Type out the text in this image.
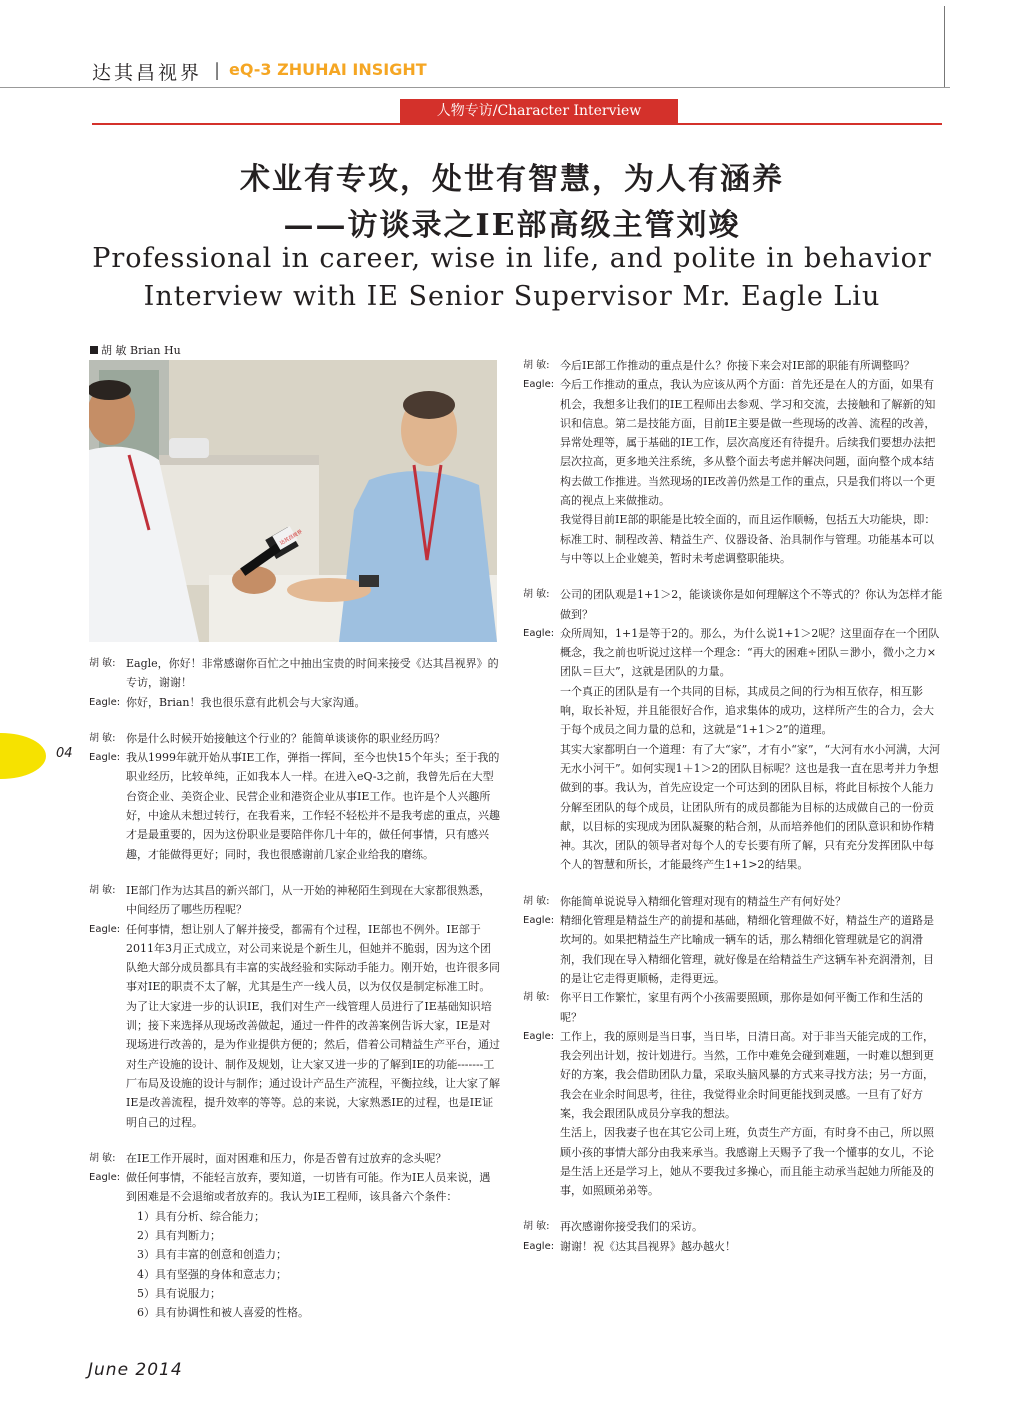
达其昌视界 | eQ-3 ZHUHAI INSIGHT
人物专访/Character Interview
术业有专攻，处世有智慧，为人有涵养
——访谈录之IE部高级主管刘竣
Professional in career, wise in life, and polite in behavior
Interview with IE Senior Supervisor Mr. Eagle Liu
胡 敏 Brian Hu
达其昌视界
胡 敏: Eagle，你好！非常感谢你百忙之中抽出宝贵的时间来接受《达其昌视界》的专访，谢谢！
Eagle: 你好，Brian！我也很乐意有此机会与大家沟通。
胡 敏: 你是什么时候开始接触这个行业的？能简单谈谈你的职业经历吗？
Eagle: 我从1999年就开始从事IE工作，弹指一挥间，至今也快15个年头；至于我的职业经历，比较单纯，正如我本人一样。在进入eQ-3之前，我曾先后在大型台资企业、美资企业、民营企业和港资企业从事IE工作。也许是个人兴趣所好，中途从未想过转行，在我看来，工作轻不轻松并不是我考虑的重点，兴趣才是最重要的，因为这份职业是要陪伴你几十年的，做任何事情，只有感兴趣，才能做得更好；同时，我也很感谢前几家企业给我的磨练。
胡 敏: IE部门作为达其昌的新兴部门，从一开始的神秘陌生到现在大家都很熟悉，中间经历了哪些历程呢？
Eagle: 任何事情，想让别人了解并接受，都需有个过程，IE部也不例外。IE部于2011年3月正式成立，对公司来说是个新生儿，但她并不脆弱，因为这个团队绝大部分成员都具有丰富的实战经验和实际动手能力。刚开始，也许很多同事对IE的职责不太了解，尤其是生产一线人员，以为仅仅是制定标准工时。为了让大家进一步的认识IE，我们对生产一线管理人员进行了IE基础知识培训；接下来选择从现场改善做起，通过一件件的改善案例告诉大家，IE是对现场进行改善的，是为作业提供方便的；然后，借着公司精益生产平台，通过对生产设施的设计、制作及规划，让大家又进一步的了解到IE的功能-------工厂布局及设施的设计与制作；通过设计产品生产流程，平衡拉线，让大家了解IE是改善流程，提升效率的等等。总的来说，大家熟悉IE的过程，也是IE证明自己的过程。
胡 敏: 在IE工作开展时，面对困难和压力，你是否曾有过放弃的念头呢？
Eagle: 做任何事情，不能轻言放弃，要知道，一切皆有可能。作为IE人员来说，遇到困难是不会退缩或者放弃的。我认为IE工程师，该具备六个条件：
1）具有分析、综合能力；
2）具有判断力；
3）具有丰富的创意和创造力；
4）具有坚强的身体和意志力；
5）具有说服力；
6）具有协调性和被人喜爱的性格。
胡 敏: 今后IE部工作推动的重点是什么？你接下来会对IE部的职能有所调整吗？
Eagle: 今后工作推动的重点，我认为应该从两个方面：首先还是在人的方面，如果有机会，我想多让我们的IE工程师出去参观、学习和交流，去接触和了解新的知识和信息。第二是技能方面，目前IE主要是做一些现场的改善、流程的改善，异常处理等，属于基础的IE工作，层次高度还有待提升。后续我们要想办法把层次拉高，更多地关注系统，多从整个面去考虑并解决问题，面向整个成本结构去做工作推进。当然现场的IE改善仍然是工作的重点，只是我们将以一个更高的视点上来做推动。
我觉得目前IE部的职能是比较全面的，而且运作顺畅，包括五大功能块，即：标准工时、制程改善、精益生产、仪器设备、治具制作与管理。功能基本可以与中等以上企业媲美，暂时未考虑调整职能块。
胡 敏: 公司的团队观是1+1＞2，能谈谈你是如何理解这个不等式的？你认为怎样才能做到？
Eagle: 众所周知，1+1是等于2的。那么，为什么说1+1＞2呢？这里面存在一个团队概念，我之前也听说过这样一个理念：“再大的困难÷团队＝渺小，微小之力×团队＝巨大”，这就是团队的力量。
一个真正的团队是有一个共同的目标，其成员之间的行为相互依存，相互影响，取长补短，并且能很好合作，追求集体的成功，这样所产生的合力，会大于每个成员之间力量的总和，这就是“1+1＞2”的道理。
其实大家都明白一个道理：有了大“家”，才有小“家”，“大河有水小河满，大河无水小河干”。如何实现1＋1＞2的团队目标呢？这也是我一直在思考并力争想做到的事。我认为，首先应设定一个可达到的团队目标，将此目标按个人能力分解至团队的每个成员，让团队所有的成员都能为目标的达成做自己的一份贡献，以目标的实现成为团队凝聚的粘合剂，从而培养他们的团队意识和协作精神。其次，团队的领导者对每个人的专长要有所了解，只有充分发挥团队中每个人的智慧和所长，才能最终产生1+1>2的结果。
胡 敏: 你能简单说说导入精细化管理对现有的精益生产有何好处？
Eagle: 精细化管理是精益生产的前提和基础，精细化管理做不好，精益生产的道路是坎坷的。如果把精益生产比喻成一辆车的话，那么精细化管理就是它的润滑剂，我们现在导入精细化管理，就好像是在给精益生产这辆车补充润滑剂，目的是让它走得更顺畅，走得更远。
胡 敏: 你平日工作繁忙，家里有两个小孩需要照顾，那你是如何平衡工作和生活的呢？
Eagle: 工作上，我的原则是当日事，当日毕，日清日高。对于非当天能完成的工作，我会列出计划，按计划进行。当然，工作中难免会碰到难题，一时难以想到更好的方案，我会借助团队力量，采取头脑风暴的方式来寻找方法；另一方面，我会在业余时间思考，往往，我觉得业余时间更能找到灵感。一旦有了好方案，我会跟团队成员分享我的想法。
生活上，因我妻子也在其它公司上班，负责生产方面，有时身不由己，所以照顾小孩的事情大部分由我来承当。我感谢上天赐予了我一个懂事的女儿，不论是生活上还是学习上，她从不要我过多操心，而且能主动承当起她力所能及的事，如照顾弟弟等。
胡 敏: 再次感谢你接受我们的采访。
Eagle: 谢谢！祝《达其昌视界》越办越火！
04
June 2014
